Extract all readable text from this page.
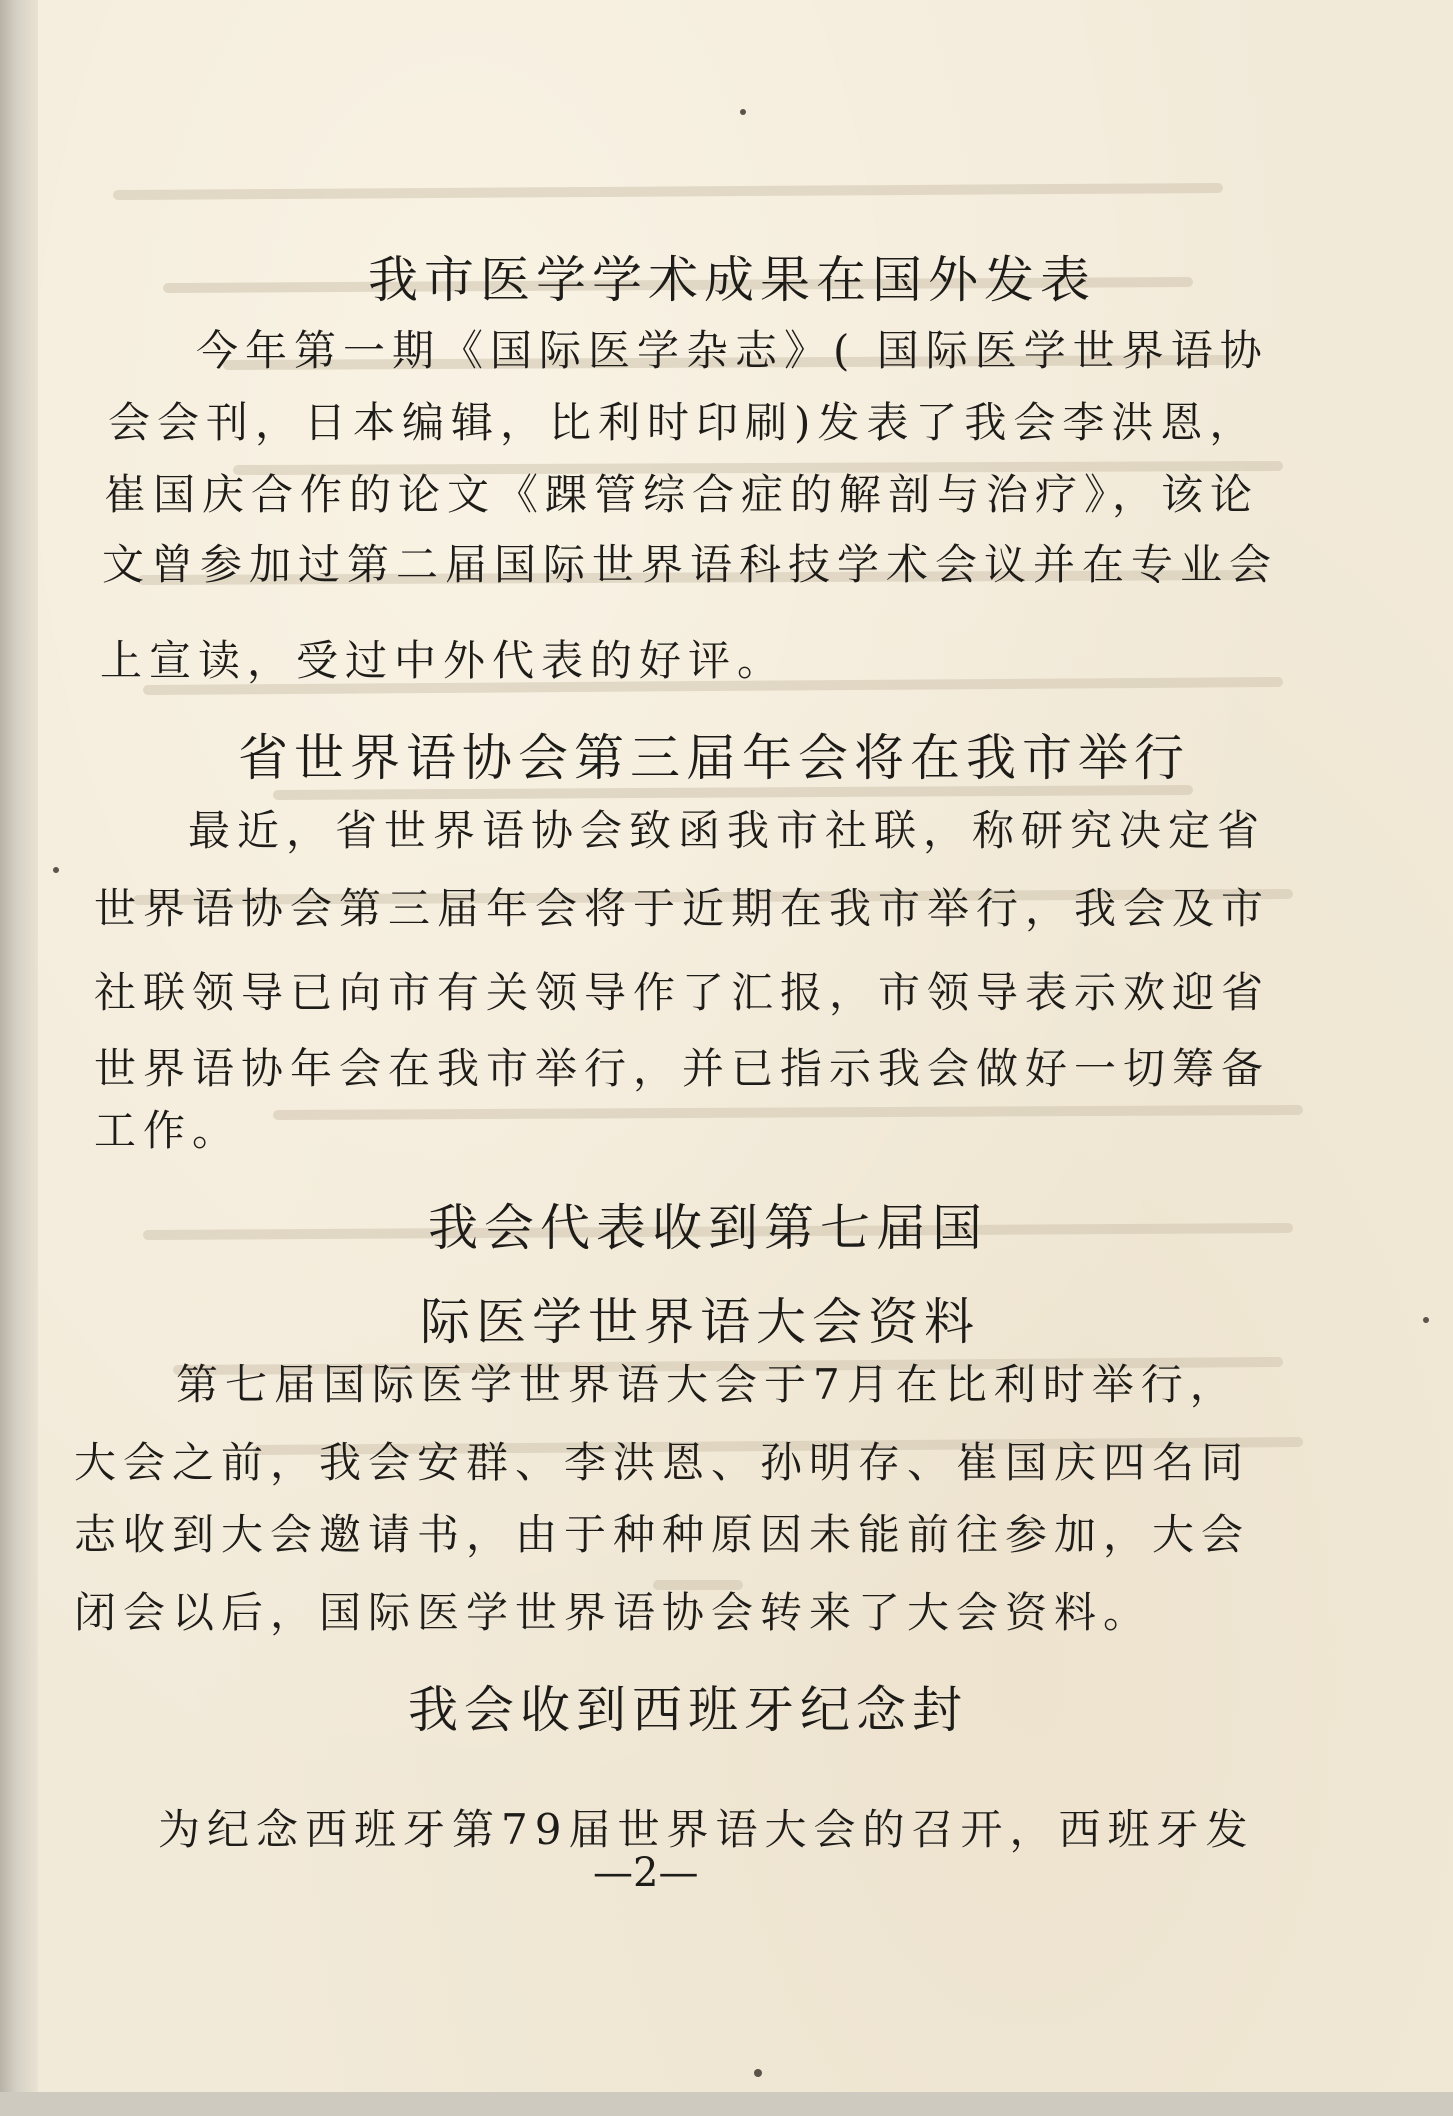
我市医学学术成果在国外发表

今年第一期《国际医学杂志》( 国际医学世界语协

会会刊，日本编辑，比利时印刷)发表了我会李洪恩，

崔国庆合作的论文《踝管综合症的解剖与治疗》，该论

文曾参加过第二届国际世界语科技学术会议并在专业会

上宣读，受过中外代表的好评。

省世界语协会第三届年会将在我市举行

最近，省世界语协会致函我市社联，称研究决定省

世界语协会第三届年会将于近期在我市举行，我会及市

社联领导已向市有关领导作了汇报，市领导表示欢迎省

世界语协年会在我市举行，并已指示我会做好一切筹备

工作。

我会代表收到第七届国
际医学世界语大会资料

第七届国际医学世界语大会于7月在比利时举行，

大会之前，我会安群、李洪恩、孙明存、崔国庆四名同

志收到大会邀请书，由于种种原因未能前往参加，大会

闭会以后，国际医学世界语协会转来了大会资料。

我会收到西班牙纪念封

为纪念西班牙第79届世界语大会的召开，西班牙发

—2—
